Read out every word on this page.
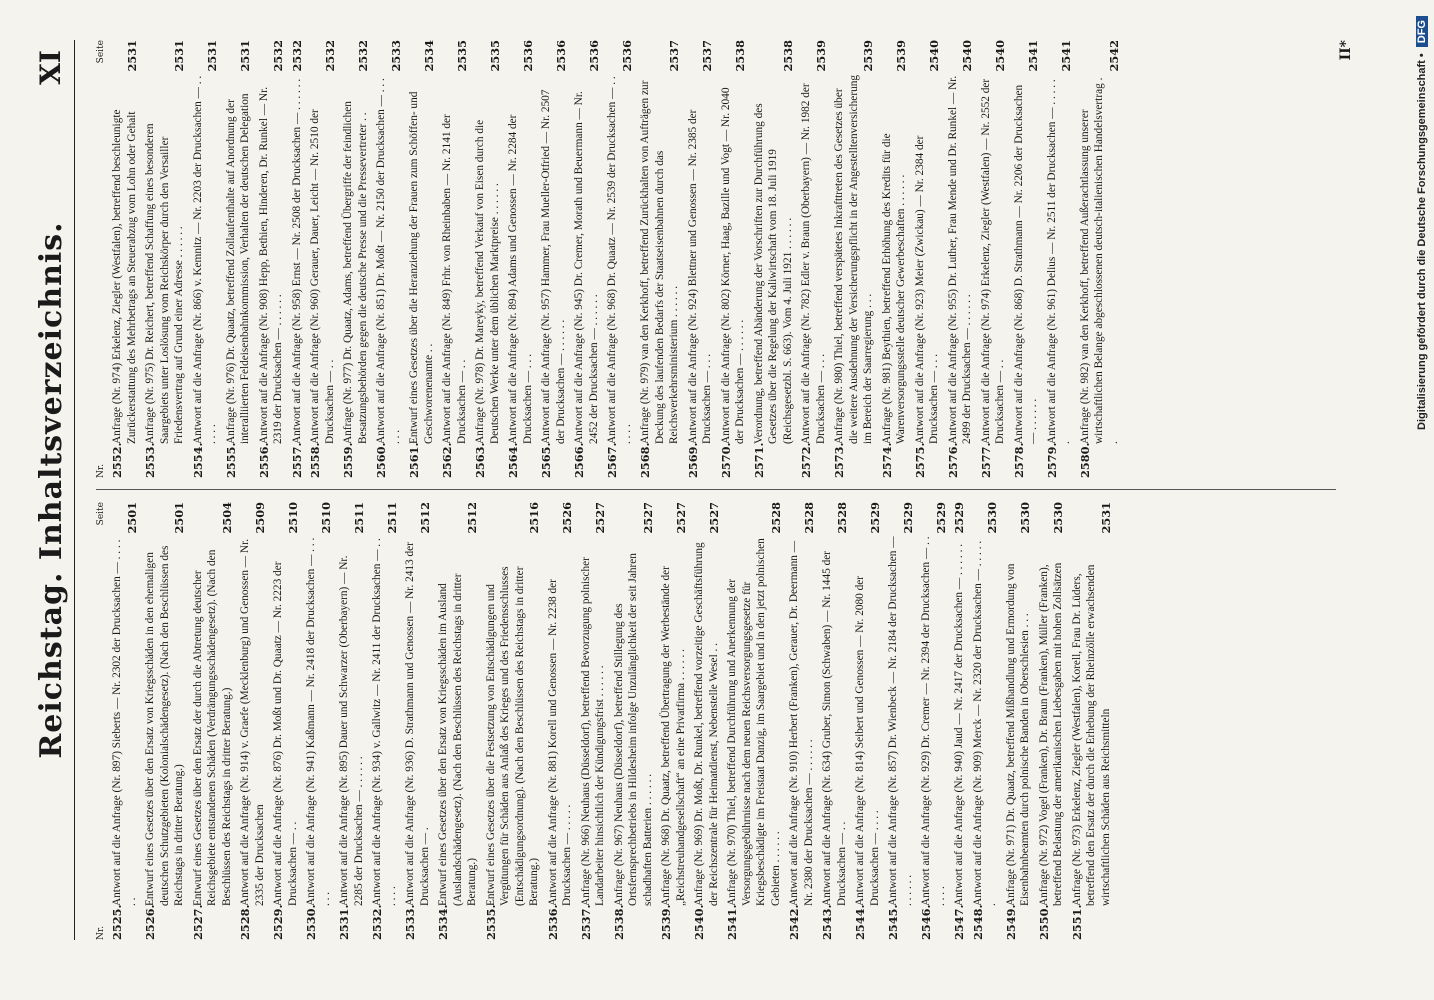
Reichstag. Inhaltsverzeichnis.
XI
Nr.
Seite
2525.
Antwort auf die Anfrage (Nr. 897) Sieberts — Nr. 2302 der Drucksachen — . . . . . .
2501
2526.
Entwurf eines Gesetzes über den Ersatz von Kriegsschäden in den ehemaligen deutschen Schutzgebieten (Kolonialschädengesetz). (Nach den Beschlüssen des Reichstags in dritter Beratung.)
2501
2527.
Entwurf eines Gesetzes über den Ersatz der durch die Abtretung deutscher Reichsgebiete entstandenen Schäden (Verdrängungsschädengesetz). (Nach den Beschlüssen des Reichstags in dritter Beratung.)
2504
2528.
Antwort auf die Anfrage (Nr. 914) v. Graefe (Mecklenburg) und Genossen — Nr. 2335 der Drucksachen
2509
2529.
Antwort auf die Anfrage (Nr. 876) Dr. Moßt und Dr. Quaatz — Nr. 2223 der Drucksachen — . .
2510
2530.
Antwort auf die Anfrage (Nr. 941) Kaßmann — Nr. 2418 der Drucksachen — . . . . . .
2510
2531.
Antwort auf die Anfrage (Nr. 895) Dauer und Schwarzer (Oberbayern) — Nr. 2285 der Drucksachen — . . . . . .
2511
2532.
Antwort auf die Anfrage (Nr. 934) v. Gallwitz — Nr. 2411 der Drucksachen — . . . . . .
2511
2533.
Antwort auf die Anfrage (Nr. 936) D. Strathmann und Genossen — Nr. 2413 der Drucksachen — .
2512
2534.
Entwurf eines Gesetzes über den Ersatz von Kriegsschäden im Ausland (Auslandschädengesetz). (Nach den Beschlüssen des Reichstags in dritter Beratung.)
2512
2535.
Entwurf eines Gesetzes über die Festsetzung von Entschädigungen und Vergütungen für Schäden aus Anlaß des Krieges und des Friedensschlusses (Entschädigungsordnung). (Nach den Beschlüssen des Reichstags in dritter Beratung.)
2516
2536.
Antwort auf die Anfrage (Nr. 881) Korell und Genossen — Nr. 2238 der Drucksachen — . . . . .
2526
2537.
Anfrage (Nr. 966) Neuhaus (Düsseldorf), betreffend Bevorzugung polnischer Landarbeiter hinsichtlich der Kündigungsfrist . . . . . .
2527
2538.
Anfrage (Nr. 967) Neuhaus (Düsseldorf), betreffend Stillegung des Ortsfernsprechbetriebs in Hildesheim infolge Unzulänglichkeit der seit Jahren schadhaften Batterien . . . . . .
2527
2539.
Anfrage (Nr. 968) Dr. Quaatz, betreffend Übertragung der Werbestände der „Reichstreuhandgesellschaft“ an eine Privatfirma . . . . . .
2527
2540.
Anfrage (Nr. 969) Dr. Moßt, Dr. Runkel, betreffend vorzeitige Geschäftsführung der Reichszentrale für Heimatdienst, Nebenstelle Wesel . .
2527
2541.
Anfrage (Nr. 970) Thiel, betreffend Durchführung und Anerkennung der Versorgungsgebührnisse nach dem neuen Reichsversorgungsgesetze für Kriegsbeschädigte im Freistaat Danzig, im Saargebiet und in den jetzt polnischen Gebieten . . . . . .
2528
2542.
Antwort auf die Anfrage (Nr. 910) Herbert (Franken), Gerauer, Dr. Deermann — Nr. 2380 der Drucksachen — . . . . . .
2528
2543.
Antwort auf die Anfrage (Nr. 634) Gruber, Simon (Schwaben) — Nr. 1445 der Drucksachen — . .
2528
2544.
Antwort auf die Anfrage (Nr. 814) Seibert und Genossen — Nr. 2080 der Drucksachen — . . . .
2529
2545.
Antwort auf die Anfrage (Nr. 857) Dr. Wienbeck — Nr. 2184 der Drucksachen — . . . . . .
2529
2546.
Antwort auf die Anfrage (Nr. 929) Dr. Cremer — Nr. 2394 der Drucksachen — . . . . . .
2529
2547.
Antwort auf die Anfrage (Nr. 940) Jaud — Nr. 2417 der Drucksachen — . . . . . .
2529
2548.
Antwort auf die Anfrage (Nr. 909) Merck — Nr. 2320 der Drucksachen — . . . . . .
2530
2549.
Anfrage (Nr. 971) Dr. Quaatz, betreffend Mißhandlung und Ermordung von Eisenbahnbeamten durch polnische Banden in Oberschlesien . . .
2530
2550.
Anfrage (Nr. 972) Vogel (Franken), Dr. Braun (Franken), Müller (Franken), betreffend Belastung der amerikanischen Liebesgaben mit hohen Zollsätzen
2530
2551.
Anfrage (Nr. 973) Erkelenz, Ziegler (Westfalen), Korell, Frau Dr. Lüders, betreffend den Ersatz der durch die Erhebung der Rheinzölle erwachsenden wirtschaftlichen Schäden aus Reichsmitteln
2531
Nr.
Seite
2552.
Anfrage (Nr. 974) Erkelenz, Ziegler (Westfalen), betreffend beschleunigte Zurückerstattung des Mehrbetrags an Steuerabzug vom Lohn oder Gehalt
2531
2553.
Anfrage (Nr. 975) Dr. Reichert, betreffend Schaffung eines besonderen Saargebiets unter Loslösung vom Reichskörper durch den Versailler Friedensvertrag auf Grund einer Adresse . . . . . .
2531
2554.
Antwort auf die Anfrage (Nr. 866) v. Kemnitz — Nr. 2203 der Drucksachen — . . . . . .
2531
2555.
Anfrage (Nr. 976) Dr. Quaatz, betreffend Zollaufenthalte auf Anordnung der interalliierten Feldeisenbahnkommission, Verhalten der deutschen Delegation
2531
2556.
Antwort auf die Anfrage (Nr. 908) Hepp, Bethien, Hinderen, Dr. Runkel — Nr. 2319 der Drucksachen — . . . . . .
2532
2557.
Antwort auf die Anfrage (Nr. 958) Ernst — Nr. 2508 der Drucksachen — . . . . . .
2532
2558.
Antwort auf die Anfrage (Nr. 960) Gerauer, Dauer, Leicht — Nr. 2510 der Drucksachen — . .
2532
2559.
Anfrage (Nr. 977) Dr. Quaatz, Adams, betreffend Übergriffe der feindlichen Besatzungsbehörden gegen die deutsche Presse und die Pressevertreter . .
2532
2560.
Antwort auf die Anfrage (Nr. 851) Dr. Moßt — Nr. 2150 der Drucksachen — . . . . . .
2533
2561.
Entwurf eines Gesetzes über die Heranziehung der Frauen zum Schöffen- und Geschworenenamte . .
2534
2562.
Antwort auf die Anfrage (Nr. 849) Frhr. von Rheinbaben — Nr. 2141 der Drucksachen — . .
2535
2563.
Anfrage (Nr. 978) Dr. Mareyky, betreffend Verkauf von Eisen durch die Deutschen Werke unter dem üblichen Marktpreise . . . . . .
2535
2564.
Antwort auf die Anfrage (Nr. 894) Adams und Genossen — Nr. 2284 der Drucksachen — . . .
2536
2565.
Antwort auf die Anfrage (Nr. 957) Hammer, Frau Mueller-Otfried — Nr. 2507 der Drucksachen — . . . . . .
2536
2566.
Antwort auf die Anfrage (Nr. 945) Dr. Cremer, Morath und Beuermann — Nr. 2452 der Drucksachen — . . . . . .
2536
2567.
Antwort auf die Anfrage (Nr. 968) Dr. Quaatz — Nr. 2539 der Drucksachen — . . . . . .
2536
2568.
Anfrage (Nr. 979) van den Kerkhoff, betreffend Zurückhalten von Aufträgen zur Deckung des laufenden Bedarfs der Staatseisenbahnen durch das Reichsverkehrsministerium . . . . . .
2537
2569.
Antwort auf die Anfrage (Nr. 924) Blettner und Genossen — Nr. 2385 der Drucksachen — . . .
2537
2570.
Antwort auf die Anfrage (Nr. 802) Körner, Haag, Bazille und Vogt — Nr. 2040 der Drucksachen — . . . . . .
2538
2571.
Verordnung, betreffend Abänderung der Vorschriften zur Durchführung des Gesetzes über die Regelung der Kaliwirtschaft vom 18. Juli 1919 (Reichsgesetzbl. S. 663). Vom 4. Juli 1921 . . . . . .
2538
2572.
Antwort auf die Anfrage (Nr. 782) Edler v. Braun (Oberbayern) — Nr. 1982 der Drucksachen — . . .
2539
2573.
Anfrage (Nr. 980) Thiel, betreffend verspätetes Inkrafttreten des Gesetzes über die weitere Ausdehnung der Versicherungspflicht in der Angestelltenversicherung im Bereich der Saarregierung . . .
2539
2574.
Anfrage (Nr. 981) Beythien, betreffend Erhöhung des Kredits für die Warenversorgungsstelle deutscher Gewerbeschaften . . . . . .
2539
2575.
Antwort auf die Anfrage (Nr. 923) Meier (Zwickau) — Nr. 2384 der Drucksachen — . . .
2540
2576.
Antwort auf die Anfrage (Nr. 955) Dr. Luther, Frau Mende und Dr. Runkel — Nr. 2499 der Drucksachen — . . . . . .
2540
2577.
Antwort auf die Anfrage (Nr. 974) Erkelenz, Ziegler (Westfalen) — Nr. 2552 der Drucksachen — . .
2540
2578.
Antwort auf die Anfrage (Nr. 868) D. Strathmann — Nr. 2206 der Drucksachen — . . . . . .
2541
2579.
Antwort auf die Anfrage (Nr. 961) Delius — Nr. 2511 der Drucksachen — . . . . . .
2541
2580.
Anfrage (Nr. 982) van den Kerkhoff, betreffend Außerachtlassung unserer wirtschaftlichen Belange abgeschlossenen deutsch-italienischen Handelsvertrag . .
2542	II*
Digitalisierung gefördert durch die Deutsche Forschungsgemeinschaft •
DFG
